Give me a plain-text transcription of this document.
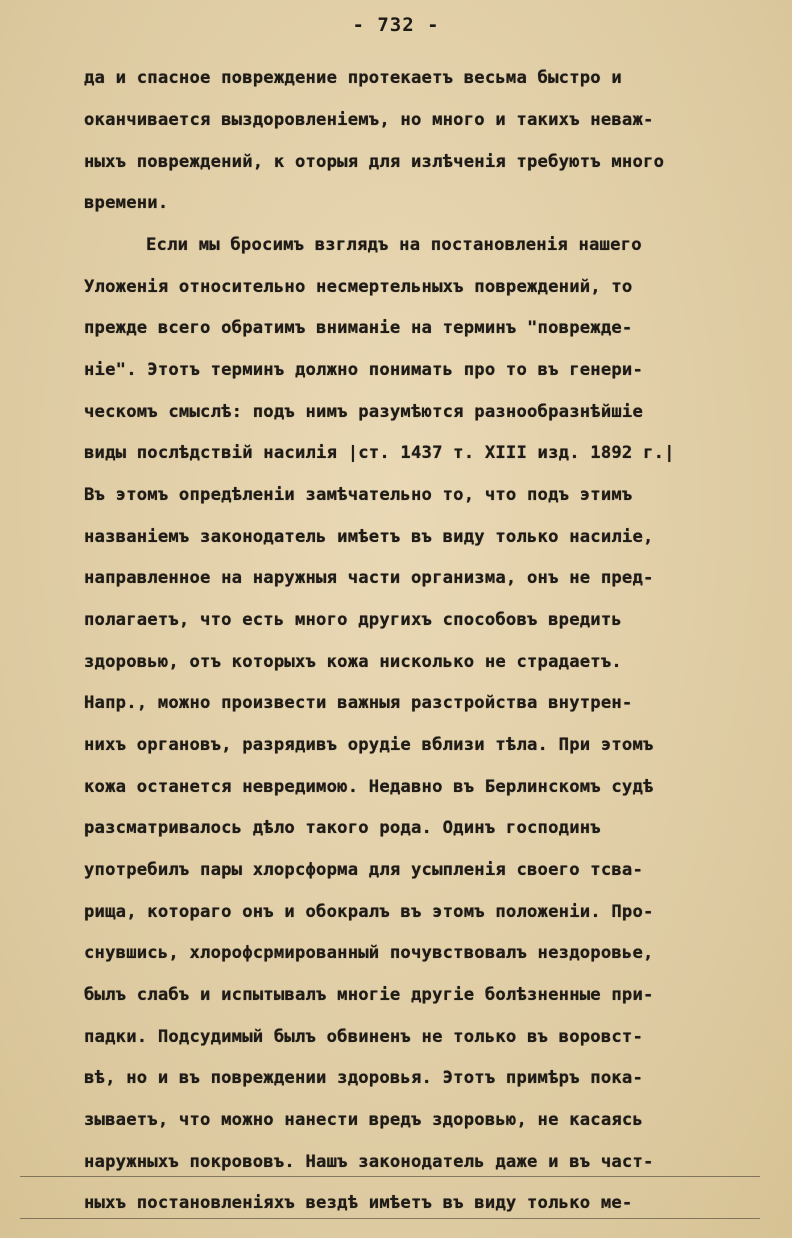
- 732 -
да и спасное повреждение протекаетъ весьма быстро и
оканчивается выздоровленiемъ, но много и такихъ неваж-
ныхъ повреждений, к оторыя для излѣченія требуютъ много
времени.
Если мы бросимъ взглядъ на постановленія нашего
Уложенія относительно несмертельныхъ повреждений, то
прежде всего обратимъ вниманіе на терминъ "повреждe-
ніе". Этотъ терминъ должно понимать про то въ генери-
ческомъ смыслѣ: подъ нимъ разумѣются разнообразнѣйшiе
виды послѣдствій насилія |ст. 1437 т. XIII изд. 1892 г.|
Въ этомъ опредѣленіи замѣчательно то, что подъ этимъ
названіемъ законодатель имѣетъ въ виду только насиліе,
направленное на наружныя части организма, онъ не пред-
полагаетъ, что есть много другихъ способовъ вредить
здоровью, отъ которыхъ кожа нисколько не страдаетъ.
Напр., можно произвести важныя разстройства внутрен-
нихъ органовъ, разрядивъ орудіе вблизи тѣла. При этомъ
кожа останется невредимою. Недавно въ Берлинскомъ судѣ
разсматривалось дѣло такого рода. Одинъ господинъ
употребилъ пары хлорсформа для усыпленія своего тсва-
рища, котораго онъ и обокралъ въ этомъ положеніи. Про-
снувшись, хлорофсрмированный почувствовалъ нездоровье,
былъ слабъ и испытывалъ многіе другіе болѣзненные при-
падки. Подсудимый былъ обвиненъ не только въ воровст-
вѣ, но и въ повреждении здоровья. Этотъ примѣръ пока-
зываетъ, что можно нанести вредъ здоровью, не касаясь
наружныхъ покрововъ. Нашъ законодатель даже и въ част-
ныхъ постановленіяхъ вездѣ имѣетъ въ виду только ме-
